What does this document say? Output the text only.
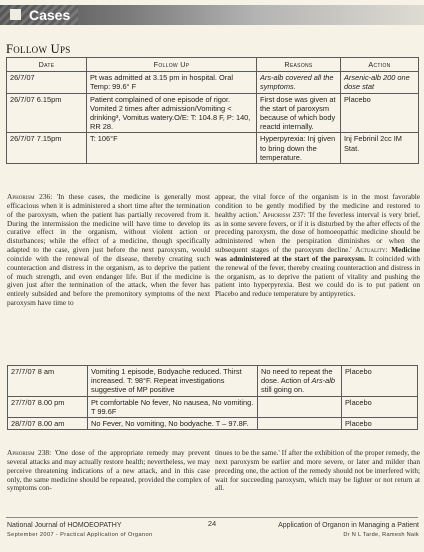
Cases
Follow Ups
Date	Follow Up	Reasons	Action
26/7/07	Pt was admitted at 3.15 pm in hospital. Oral Temp: 99.6° F	Ars-alb covered all the symptoms.	Arsenic-alb 200 one dose stat
26/7/07 6.15pm	Patient complained of one episode of rigor. Vomited 2 times after admission/Vomiting < drinking³, Vomitus watery.O/E: T: 104.8 F, P: 140, RR 28.	First dose was given at the start of paroxysm because of which body reactd internally.	Placebo
26/7/07 7.15pm	T: 106°F	Hyperpyrexia: Inj given to bring down the temperature.	Inj Febrinil 2cc IM Stat.
Aphorism 236: 'In these cases, the medicine is generally most efficacious when it is administered a short time after the termination of the paroxysm, when the patient has partially recovered from it. During the intermission the medicine will have time to develop its curative effect in the organism, without violent action or disturbances; while the effect of a medicine, though specifically adapted to the case, given just before the next paroxysm, would coincide with the renewal of the disease, thereby creating such counteraction and distress in the organism, as to deprive the patient of much strength, and even endanger life. But if the medicine is given just after the termination of the attack, when the fever has entirely subsided and before the premonitory symptoms of the next paroxysm have time to
appear, the vital force of the organism is in the most favorable condition to be gently modified by the medicine and restored to healthy action.' Aphorism 237: 'If the feverless interval is very brief, as in some severe fevers, or if it is disturbed by the after effects of the preceding paroxysm, the dose of homoeopathic medicine should be administered when the perspiration diminishes or when the subsequent stages of the paroxysm decline.' Actuality: Medicine was administered at the start of the paroxysm. It coincided with the renewal of the fever, thereby creating counteraction and distress in the organism, as to deprive the patient of vitality and pushing the patient into hyperpyrexia. Best we could do is to put patient on Placebo and reduce temperature by antipyretics.
27/7/07 8 am	Vomiting 1 episode, Bodyache reduced. Thirst increased. T: 98°F. Repeat investigations suggestive of MP positive	No need to repeat the dose. Action of Ars-alb still going on.	Placebo
27/7/07 8.00 pm	Pt comfortable No fever, No nausea, No vomiting. T 99.6F		Placebo
28/7/07 8.00 am	No Fever, No vomiting, No bodyache. T – 97.8F.		Placebo
Aphorism 238: 'One dose of the appropriate remedy may prevent several attacks and may actually restore health; nevertheless, we may perceive threatening indications of a new attack, and in this case only, the same medicine should be repeated, provided the complex of symptoms con-
tinues to be the same.' If after the exhibition of the proper remedy, the next paroxysm be earlier and more severe, or later and milder than preceding one, the action of the remedy should not be interfered with; wait for succeeding paroxysm, which may be lighter or not return at all.
National Journal of HOMOEOPATHY
September 2007 - Practical Application of Organon
24	Application of Organon in Managing a Patient
Dr N L Tarde, Ramesh Naik
